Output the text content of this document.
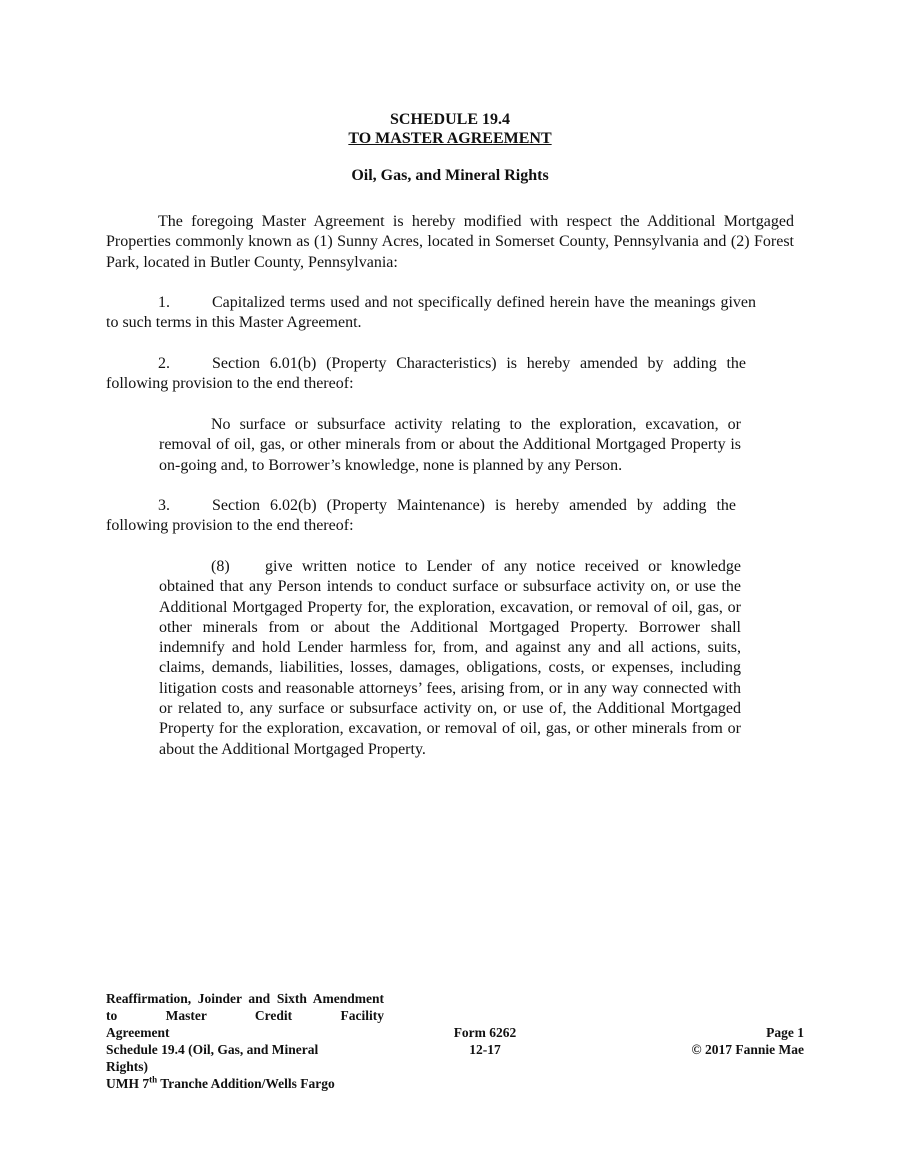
SCHEDULE 19.4
TO MASTER AGREEMENT
Oil, Gas, and Mineral Rights

The foregoing Master Agreement is hereby modified with respect the Additional Mortgaged Properties commonly known as (1) Sunny Acres, located in Somerset County, Pennsylvania and (2) Forest Park, located in Butler County, Pennsylvania:

1.	Capitalized terms used and not specifically defined herein have the meanings given to such terms in this Master Agreement.

2.	Section 6.01(b) (Property Characteristics) is hereby amended by adding the following provision to the end thereof:

No surface or subsurface activity relating to the exploration, excavation, or removal of oil, gas, or other minerals from or about the Additional Mortgaged Property is on-going and, to Borrower’s knowledge, none is planned by any Person.

3.	Section 6.02(b) (Property Maintenance) is hereby amended by adding the following provision to the end thereof:

(8) give written notice to Lender of any notice received or knowledge obtained that any Person intends to conduct surface or subsurface activity on, or use the Additional Mortgaged Property for, the exploration, excavation, or removal of oil, gas, or other minerals from or about the Additional Mortgaged Property. Borrower shall indemnify and hold Lender harmless for, from, and against any and all actions, suits, claims, demands, liabilities, losses, damages, obligations, costs, or expenses, including litigation costs and reasonable attorneys’ fees, arising from, or in any way connected with or related to, any surface or subsurface activity on, or use of, the Additional Mortgaged Property for the exploration, excavation, or removal of oil, gas, or other minerals from or about the Additional Mortgaged Property.

Reaffirmation, Joinder and Sixth Amendment to Master Credit Facility
Agreement
Schedule 19.4 (Oil, Gas, and Mineral
Rights)
UMH 7th Tranche Addition/Wells Fargo
Form 6262
12-17
Page 1
© 2017 Fannie Mae
